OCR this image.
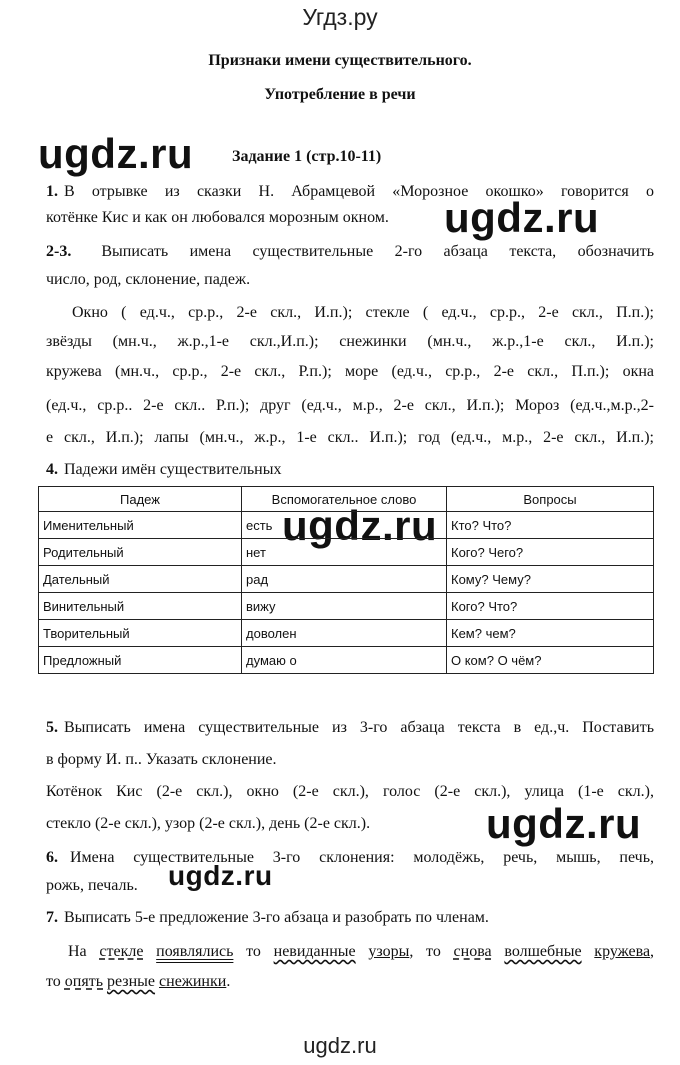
Угдз.ру
Признаки имени существительного.
Употребление в речи
Задание 1 (стр.10-11)
ugdz.ru
ugdz.ru
ugdz.ru
ugdz.ru
ugdz.ru
1. В отрывке из сказки Н. Абрамцевой «Морозное окошко» говорится о
котёнке Кис и как он любовался морозным окном.
2-3. Выписать имена существительные 2-го абзаца текста, обозначить
число, род, склонение, падеж.
Окно ( ед.ч., ср.р., 2-е скл., И.п.); стекле ( ед.ч., ср.р., 2-е скл., П.п.);
звёзды (мн.ч., ж.р.,1-е скл.,И.п.); снежинки (мн.ч., ж.р.,1-е скл., И.п.);
кружева (мн.ч., ср.р., 2-е скл., Р.п.); море (ед.ч., ср.р., 2-е скл., П.п.); окна
(ед.ч., ср.р.. 2-е скл.. Р.п.); друг (ед.ч., м.р., 2-е скл., И.п.); Мороз (ед.ч.,м.р.,2-
е скл., И.п.); лапы (мн.ч., ж.р., 1-е скл.. И.п.); год (ед.ч., м.р., 2-е скл., И.п.);
4. Падежи имён существительных
Падеж	Вспомогательное слово	Вопросы
Именительный	есть	Кто? Что?
Родительный	нет	Кого? Чего?
Дательный	рад	Кому? Чему?
Винительный	вижу	Кого? Что?
Творительный	доволен	Кем? чем?
Предложный	думаю о	О ком? О чём?
5. Выписать имена существительные из 3-го абзаца текста в ед.,ч. Поставить
в форму И. п.. Указать склонение.
Котёнок Кис (2-е скл.), окно (2-е скл.), голос (2-е скл.), улица (1-е скл.),
стекло (2-е скл.), узор (2-е скл.), день (2-е скл.).
6. Имена существительные 3-го склонения: молодёжь, речь, мышь, печь,
рожь, печаль.
7. Выписать 5-е предложение 3-го абзаца и разобрать по членам.
На стекле появлялись то невиданные узоры, то снова волшебные кружева,
то опять резные снежинки.
ugdz.ru
